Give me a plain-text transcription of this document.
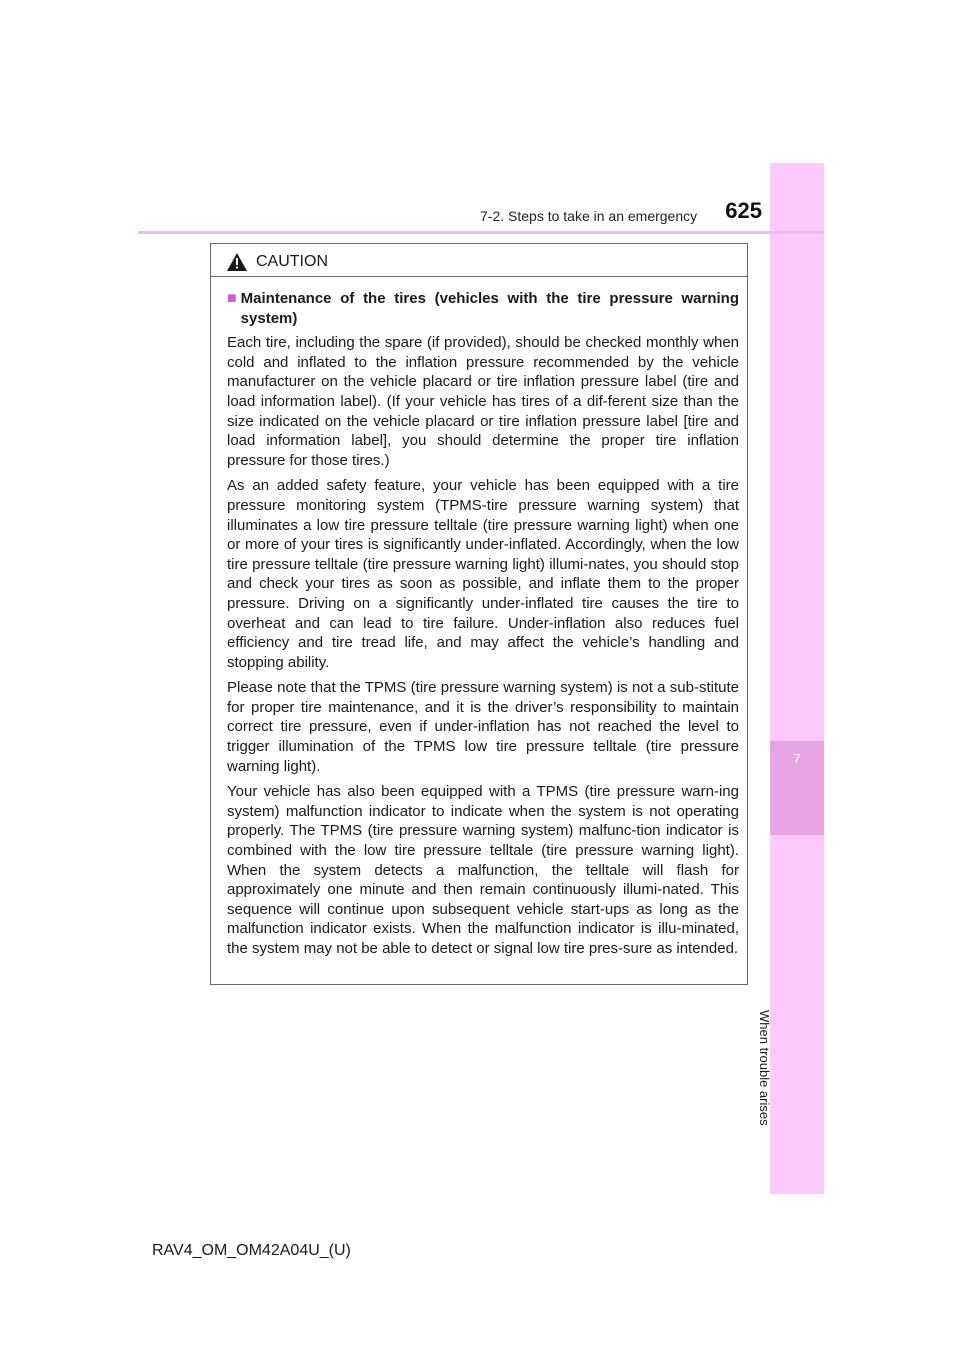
7
When trouble arises
7-2. Steps to take in an emergency	625
CAUTION
■ Maintenance of the tires (vehicles with the tire pressure warning system)

Each tire, including the spare (if provided), should be checked monthly when cold and inflated to the inflation pressure recommended by the vehicle manufacturer on the vehicle placard or tire inflation pressure label (tire and load information label). (If your vehicle has tires of a dif-ferent size than the size indicated on the vehicle placard or tire inflation pressure label [tire and load information label], you should determine the proper tire inflation pressure for those tires.)

As an added safety feature, your vehicle has been equipped with a tire pressure monitoring system (TPMS-tire pressure warning system) that illuminates a low tire pressure telltale (tire pressure warning light) when one or more of your tires is significantly under-inflated. Accordingly, when the low tire pressure telltale (tire pressure warning light) illumi-nates, you should stop and check your tires as soon as possible, and inflate them to the proper pressure. Driving on a significantly under-inflated tire causes the tire to overheat and can lead to tire failure. Under-inflation also reduces fuel efficiency and tire tread life, and may affect the vehicle’s handling and stopping ability.

Please note that the TPMS (tire pressure warning system) is not a sub-stitute for proper tire maintenance, and it is the driver’s responsibility to maintain correct tire pressure, even if under-inflation has not reached the level to trigger illumination of the TPMS low tire pressure telltale (tire pressure warning light).

Your vehicle has also been equipped with a TPMS (tire pressure warn-ing system) malfunction indicator to indicate when the system is not operating properly. The TPMS (tire pressure warning system) malfunc-tion indicator is combined with the low tire pressure telltale (tire pressure warning light). When the system detects a malfunction, the telltale will flash for approximately one minute and then remain continuously illumi-nated. This sequence will continue upon subsequent vehicle start-ups as long as the malfunction indicator exists. When the malfunction indicator is illu-minated, the system may not be able to detect or signal low tire pres-sure as intended.

RAV4_OM_OM42A04U_(U)
